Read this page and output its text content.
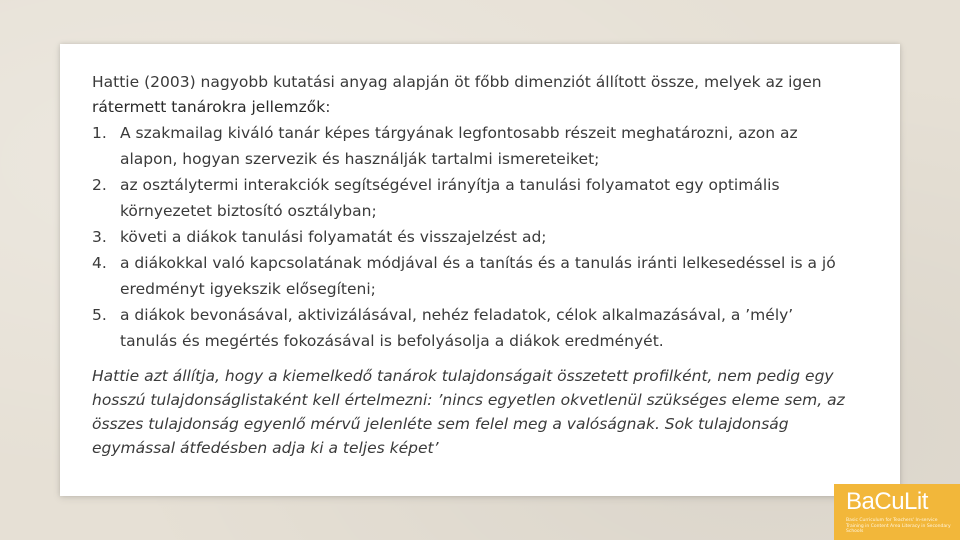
Hattie (2003) nagyobb kutatási anyag alapján öt főbb dimenziót állított össze, melyek az igen rátermett tanárokra jellemzők:

1. A szakmailag kiváló tanár képes tárgyának legfontosabb részeit meghatározni, azon az alapon, hogyan szervezik és használják tartalmi ismereteiket;
2. az osztálytermi interakciók segítségével irányítja a tanulási folyamatot egy optimális környezetet biztosító osztályban;
3. követi a diákok tanulási folyamatát és visszajelzést ad;
4. a diákokkal való kapcsolatának módjával és a tanítás és a tanulás iránti lelkesedéssel is a jó eredményt igyekszik elősegíteni;
5. a diákok bevonásával, aktivizálásával, nehéz feladatok, célok alkalmazásával, a ’mély’ tanulás és megértés fokozásával is befolyásolja a diákok eredményét.

Hattie azt állítja, hogy a kiemelkedő tanárok tulajdonságait összetett profilként, nem pedig egy hosszú tulajdonságlistaként kell értelmezni: ’nincs egyetlen okvetlenül szükséges eleme sem, az összes tulajdonság egyenlő mérvű jelenléte sem felel meg a valóságnak. Sok tulajdonság egymással átfedésben adja ki a teljes képet’

BaCuLit
Basic Curriculum for Teachers' In-service Training in Content Area Literacy in Secondary Schools
